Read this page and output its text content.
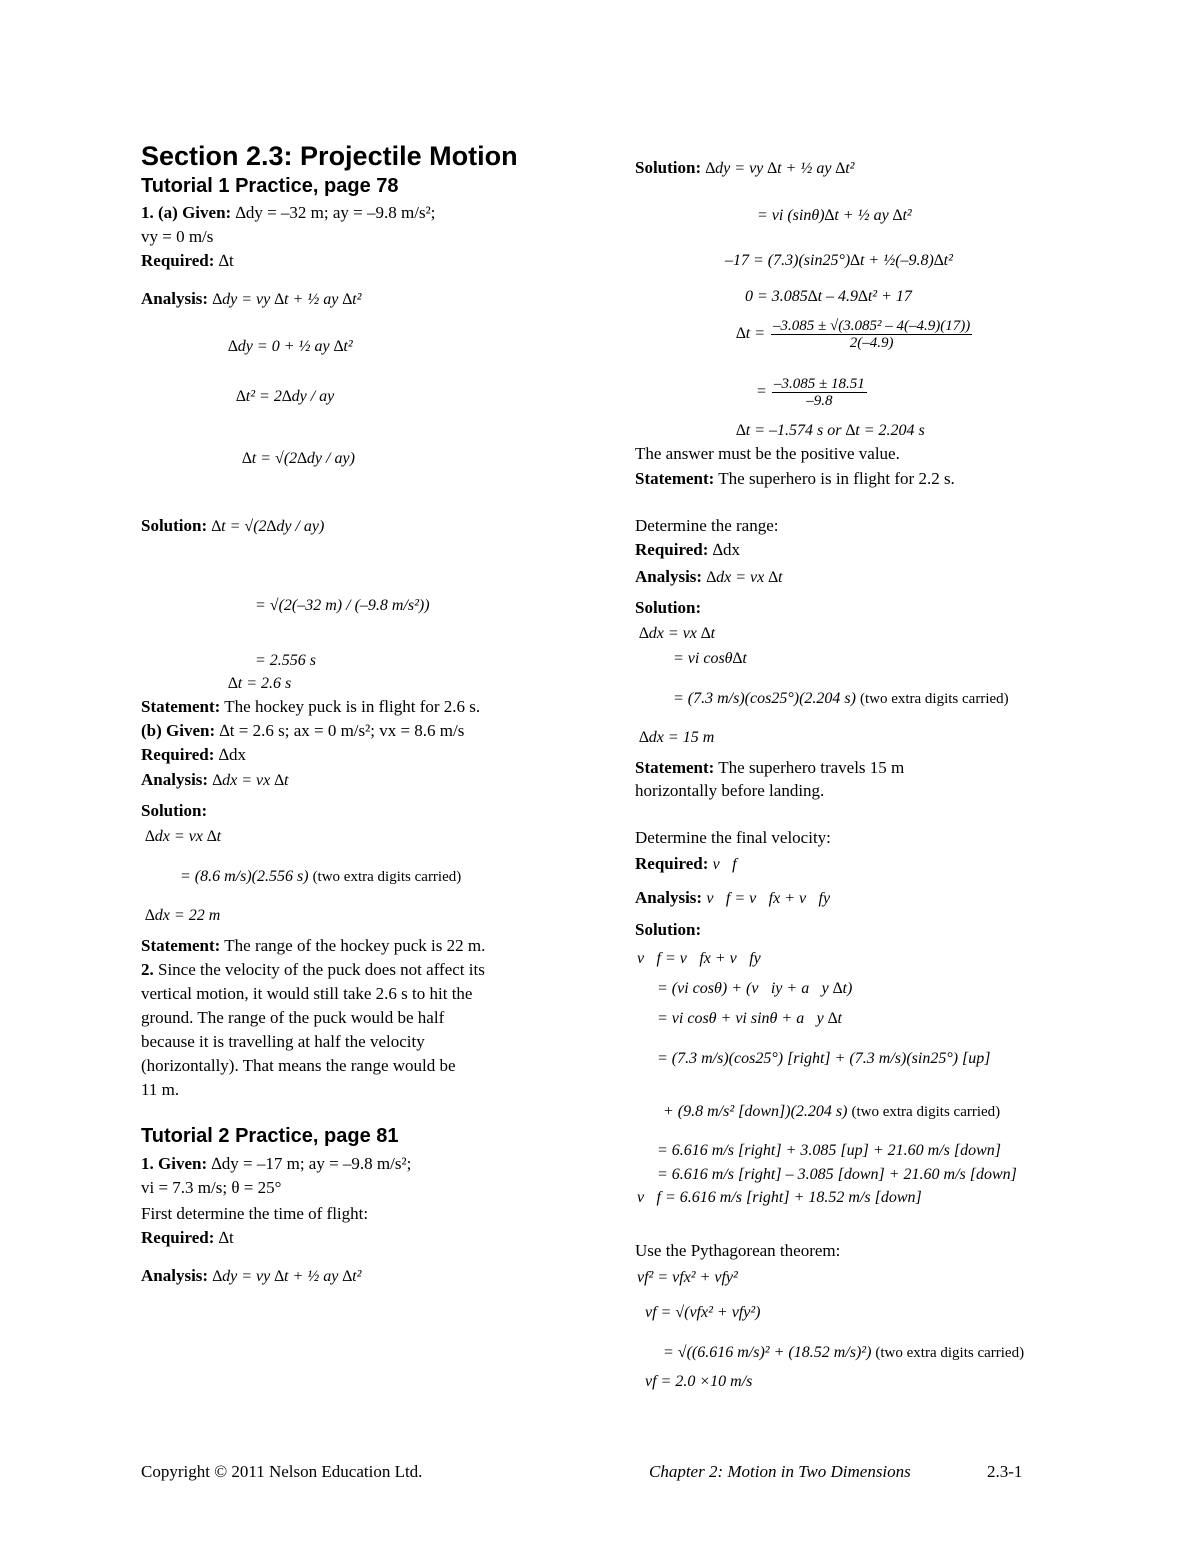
Section 2.3: Projectile Motion
Tutorial 1 Practice, page 78
1. (a) Given: ∆dy = –32 m; ay = –9.8 m/s²;
vy = 0 m/s
Required: ∆t
Analysis: ∆dy = vy ∆t + ½ ay ∆t²
∆dy = 0 + ½ ay ∆t²
∆t² = 2∆dy / ay
∆t = √(2∆dy / ay)
Solution: ∆t = √(2∆dy / ay)
= √(2(–32 m) / (–9.8 m/s²))
= 2.556 s
∆t = 2.6 s
Statement: The hockey puck is in flight for 2.6 s.
(b) Given: ∆t = 2.6 s; ax = 0 m/s²; vx = 8.6 m/s
Required: ∆dx
Analysis: ∆dx = vx ∆t
Solution:
∆dx = vx ∆t
= (8.6 m/s)(2.556 s) (two extra digits carried)
∆dx = 22 m
Statement: The range of the hockey puck is 22 m.
2. Since the velocity of the puck does not affect its
vertical motion, it would still take 2.6 s to hit the
ground. The range of the puck would be half
because it is travelling at half the velocity
(horizontally). That means the range would be
11 m.
Tutorial 2 Practice, page 81
1. Given: ∆dy = –17 m; ay = –9.8 m/s²;
vi = 7.3 m/s; θ = 25°
First determine the time of flight:
Required: ∆t
Analysis: ∆dy = vy ∆t + ½ ay ∆t²
Solution: ∆dy = vy ∆t + ½ ay ∆t²
= vi (sinθ)∆t + ½ ay ∆t²
–17 = (7.3)(sin25°)∆t + ½(–9.8)∆t²
0 = 3.085∆t – 4.9∆t² + 17
$\Delta t = \frac{\text{–3.085 ± √(3.085² – 4(–4.9)(17))}}{2(-4.9)}$
= $\frac{-3.085 \pm 18.51}{-9.8}$
∆t = –1.574 s or ∆t = 2.204 s
The answer must be the positive value.
Statement: The superhero is in flight for 2.2 s.
Determine the range:
Required: ∆dx
Analysis: ∆dx = vx ∆t
Solution:
∆dx = vx ∆t
= vi cosθ∆t
= (7.3 m/s)(cos25°)(2.204 s) (two extra digits carried)
∆dx = 15 m
Statement: The superhero travels 15 m
horizontally before landing.
Determine the final velocity:
Required: v⃗f
Analysis: v⃗f = v⃗fx + v⃗fy
Solution:
v⃗f = v⃗fx + v⃗fy
= (vi cosθ) + (v⃗iy + a⃗y ∆t)
= vi cosθ + vi sinθ + a⃗y ∆t
= (7.3 m/s)(cos25°) [right] + (7.3 m/s)(sin25°) [up]
+ (9.8 m/s² [down])(2.204 s) (two extra digits carried)
= 6.616 m/s [right] + 3.085 [up] + 21.60 m/s [down]
= 6.616 m/s [right] – 3.085 [down] + 21.60 m/s [down]
v⃗f = 6.616 m/s [right] + 18.52 m/s [down]
Use the Pythagorean theorem:
vf² = vfx² + vfy²
vf = √(vfx² + vfy²)
= √((6.616 m/s)² + (18.52 m/s)²) (two extra digits carried)
vf = 2.0 ×10 m/s
Copyright © 2011 Nelson Education Ltd.	Chapter 2: Motion in Two Dimensions	2.3-1
